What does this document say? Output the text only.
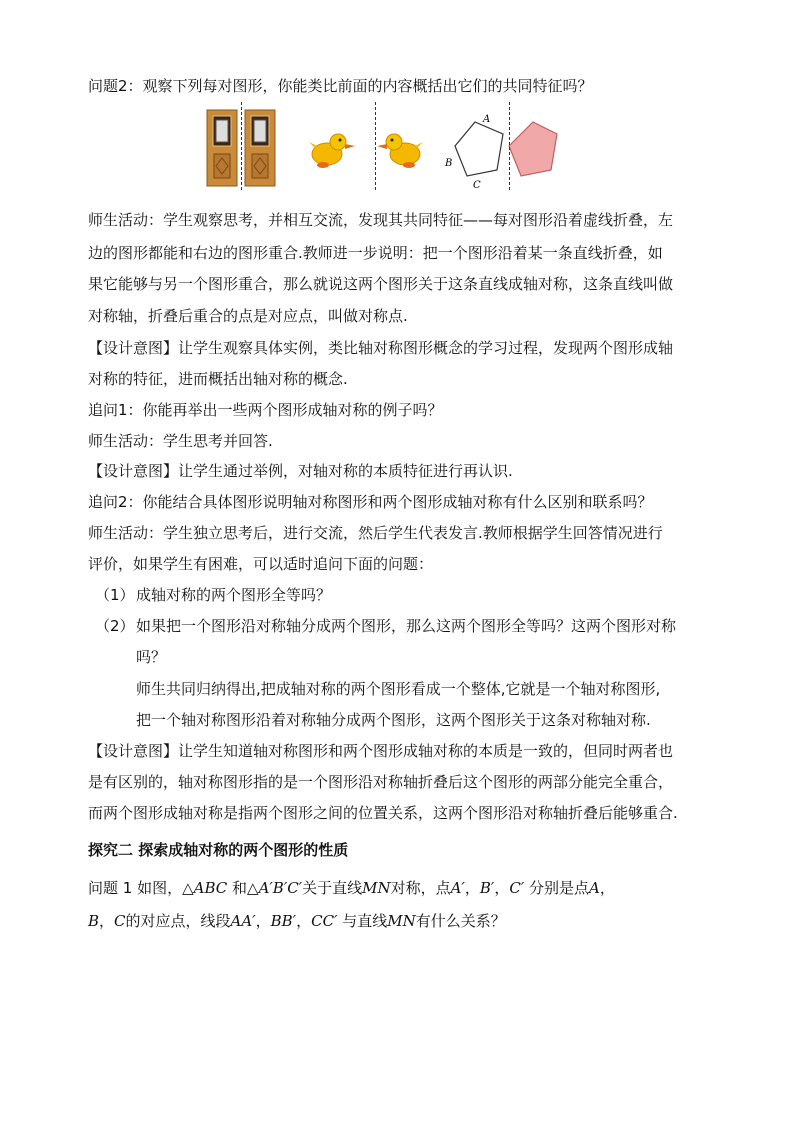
问题2：观察下列每对图形，你能类比前面的内容概括出它们的共同特征吗？
A
B
C
师生活动：学生观察思考，并相互交流，发现其共同特征——每对图形沿着虚线折叠，左
边的图形都能和右边的图形重合.教师进一步说明：把一个图形沿着某一条直线折叠，如
果它能够与另一个图形重合，那么就说这两个图形关于这条直线成轴对称，这条直线叫做
对称轴，折叠后重合的点是对应点，叫做对称点.
【设计意图】让学生观察具体实例，类比轴对称图形概念的学习过程，发现两个图形成轴
对称的特征，进而概括出轴对称的概念.
追问1：你能再举出一些两个图形成轴对称的例子吗？
师生活动：学生思考并回答.
【设计意图】让学生通过举例，对轴对称的本质特征进行再认识.
追问2：你能结合具体图形说明轴对称图形和两个图形成轴对称有什么区别和联系吗？
师生活动：学生独立思考后，进行交流，然后学生代表发言.教师根据学生回答情况进行
评价，如果学生有困难，可以适时追问下面的问题：
（1） 成轴对称的两个图形全等吗？
（2） 如果把一个图形沿对称轴分成两个图形，那么这两个图形全等吗？这两个图形对称
吗？
师生共同归纳得出,把成轴对称的两个图形看成一个整体,它就是一个轴对称图形,
把一个轴对称图形沿着对称轴分成两个图形，这两个图形关于这条对称轴对称.
【设计意图】让学生知道轴对称图形和两个图形成轴对称的本质是一致的，但同时两者也
是有区别的，轴对称图形指的是一个图形沿对称轴折叠后这个图形的两部分能完全重合，
而两个图形成轴对称是指两个图形之间的位置关系，这两个图形沿对称轴折叠后能够重合.
探究二 探索成轴对称的两个图形的性质
问题 1 如图，△ABC 和△A′B′C′关于直线MN对称，点A′，B′，C′ 分别是点A，
B，C的对应点，线段AA′，BB′，CC′ 与直线MN有什么关系？
